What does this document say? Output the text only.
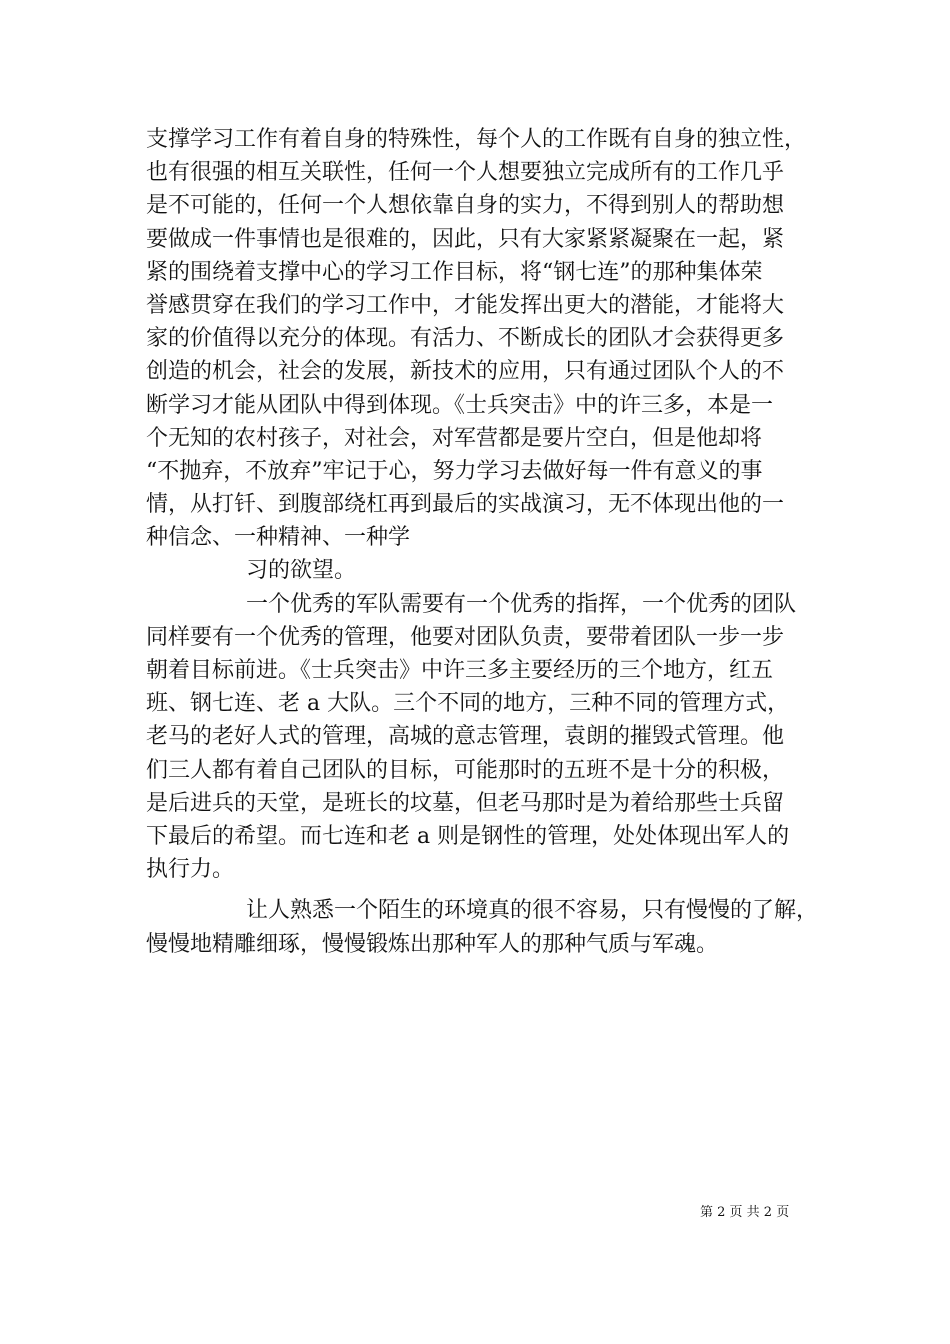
支撑学习工作有着自身的特殊性，每个人的工作既有自身的独立性，
也有很强的相互关联性，任何一个人想要独立完成所有的工作几乎
是不可能的，任何一个人想依靠自身的实力，不得到别人的帮助想
要做成一件事情也是很难的，因此，只有大家紧紧凝聚在一起，紧
紧的围绕着支撑中心的学习工作目标，将“钢七连”的那种集体荣
誉感贯穿在我们的学习工作中，才能发挥出更大的潜能，才能将大
家的价值得以充分的体现。有活力、不断成长的团队才会获得更多
创造的机会，社会的发展，新技术的应用，只有通过团队个人的不
断学习才能从团队中得到体现。《士兵突击》中的许三多，本是一
个无知的农村孩子，对社会，对军营都是要片空白，但是他却将
“不抛弃，不放弃”牢记于心，努力学习去做好每一件有意义的事
情，从打钎、到腹部绕杠再到最后的实战演习，无不体现出他的一
种信念、一种精神、一种学
习的欲望。
一个优秀的军队需要有一个优秀的指挥，一个优秀的团队
同样要有一个优秀的管理，他要对团队负责，要带着团队一步一步
朝着目标前进。《士兵突击》中许三多主要经历的三个地方，红五
班、钢七连、老 a 大队。三个不同的地方，三种不同的管理方式，
老马的老好人式的管理，高城的意志管理，袁朗的摧毁式管理。他
们三人都有着自己团队的目标，可能那时的五班不是十分的积极，
是后进兵的天堂，是班长的坟墓，但老马那时是为着给那些士兵留
下最后的希望。而七连和老 a 则是钢性的管理，处处体现出军人的
执行力。
让人熟悉一个陌生的环境真的很不容易，只有慢慢的了解，
慢慢地精雕细琢，慢慢锻炼出那种军人的那种气质与军魂。
第 2 页 共 2 页
